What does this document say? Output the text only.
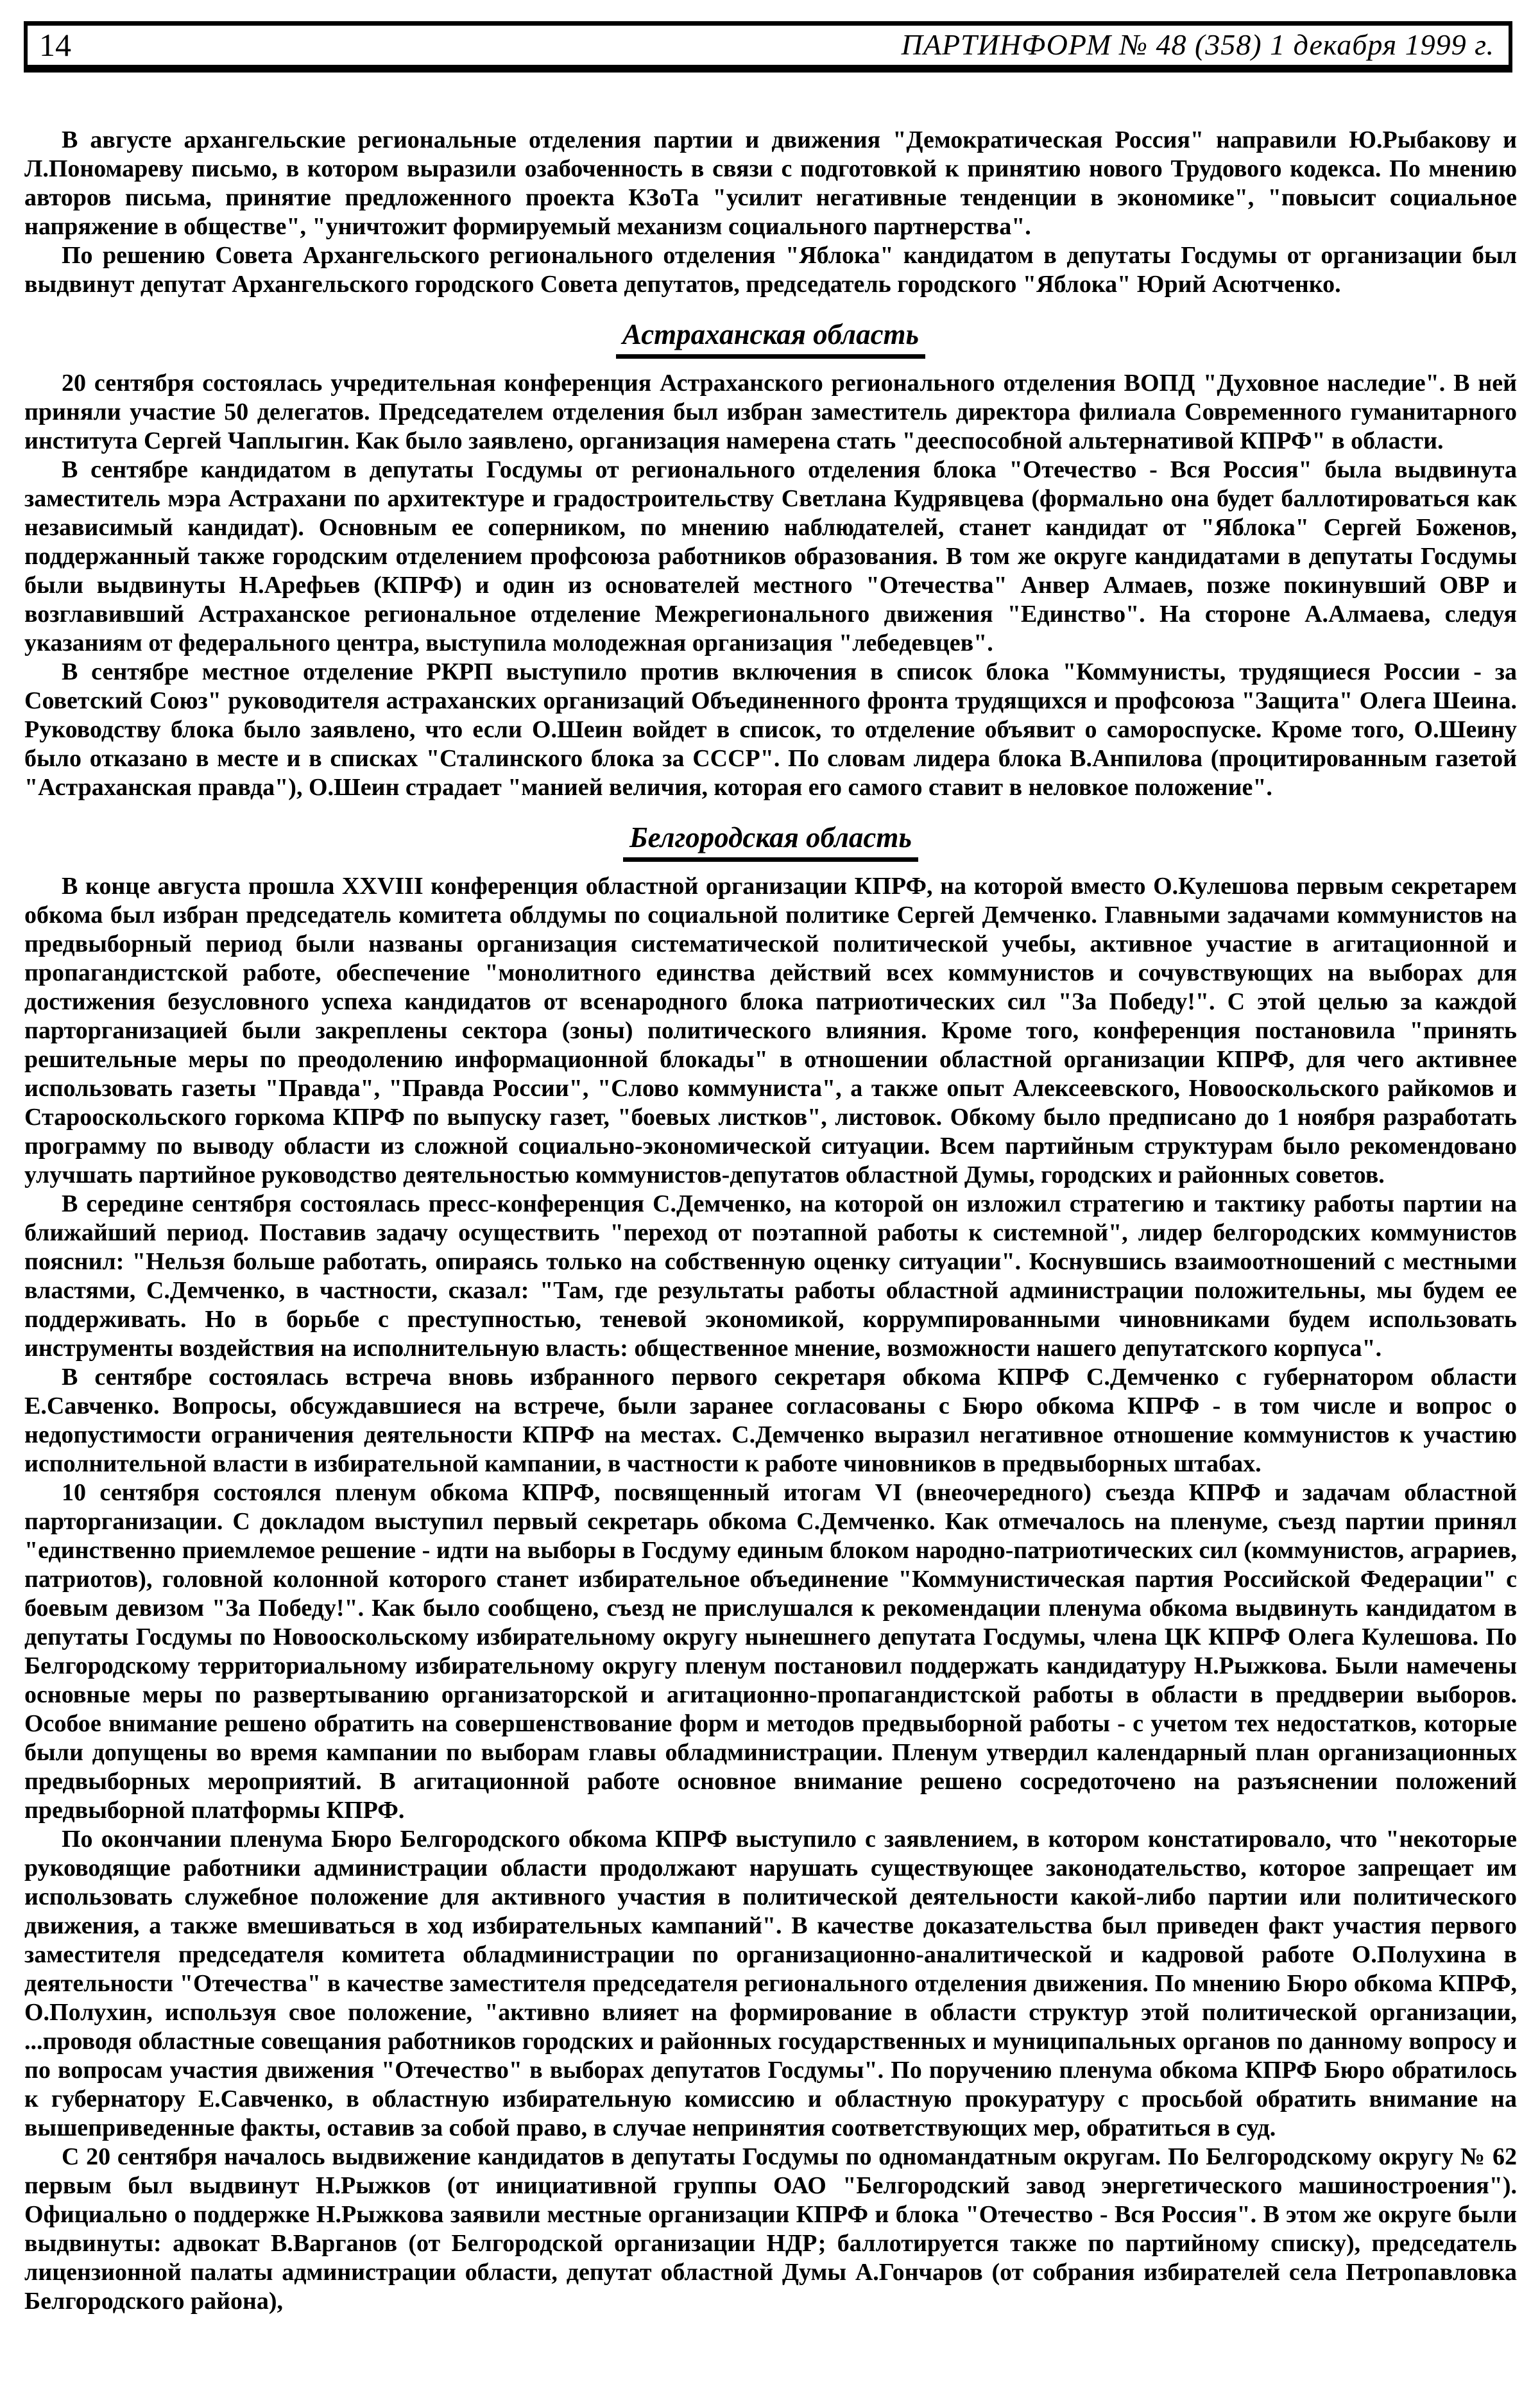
14	ПАРТИНФОРМ № 48 (358) 1 декабря 1999 г.

В августе архангельские региональные отделения партии и движения "Демократическая Россия" направили Ю.Рыбакову и Л.Пономареву письмо, в котором выразили озабоченность в связи с подготовкой к принятию нового Трудового кодекса. По мнению авторов письма, принятие предложенного проекта КЗоТа "усилит негативные тенденции в экономике", "повысит социальное напряжение в обществе", "уничтожит формируемый механизм социального партнерства".

По решению Совета Архангельского регионального отделения "Яблока" кандидатом в депутаты Госдумы от организации был выдвинут депутат Архангельского городского Совета депутатов, председатель городского "Яблока" Юрий Асютченко.

Астраханская область

20 сентября состоялась учредительная конференция Астраханского регионального отделения ВОПД "Духовное наследие". В ней приняли участие 50 делегатов. Председателем отделения был избран заместитель директора филиала Современного гуманитарного института Сергей Чаплыгин. Как было заявлено, организация намерена стать "дееспособной альтернативой КПРФ" в области.

В сентябре кандидатом в депутаты Госдумы от регионального отделения блока "Отечество - Вся Россия" была выдвинута заместитель мэра Астрахани по архитектуре и градостроительству Светлана Кудрявцева (формально она будет баллотироваться как независимый кандидат). Основным ее соперником, по мнению наблюдателей, станет кандидат от "Яблока" Сергей Боженов, поддержанный также городским отделением профсоюза работников образования. В том же округе кандидатами в депутаты Госдумы были выдвинуты Н.Арефьев (КПРФ) и один из основателей местного "Отечества" Анвер Алмаев, позже покинувший ОВР и возглавивший Астраханское региональное отделение Межрегионального движения "Единство". На стороне А.Алмаева, следуя указаниям от федерального центра, выступила молодежная организация "лебедевцев".

В сентябре местное отделение РКРП выступило против включения в список блока "Коммунисты, трудящиеся России - за Советский Союз" руководителя астраханских организаций Объединенного фронта трудящихся и профсоюза "Защита" Олега Шеина. Руководству блока было заявлено, что если О.Шеин войдет в список, то отделение объявит о самороспуске. Кроме того, О.Шеину было отказано в месте и в списках "Сталинского блока за СССР". По словам лидера блока В.Анпилова (процитированным газетой "Астраханская правда"), О.Шеин страдает "манией величия, которая его самого ставит в неловкое положение".

Белгородская область

В конце августа прошла XXVIII конференция областной организации КПРФ, на которой вместо О.Кулешова первым секретарем обкома был избран председатель комитета облдумы по социальной политике Сергей Демченко. Главными задачами коммунистов на предвыборный период были названы организация систематической политической учебы, активное участие в агитационной и пропагандистской работе, обеспечение "монолитного единства действий всех коммунистов и сочувствующих на выборах для достижения безусловного успеха кандидатов от всенародного блока патриотических сил "За Победу!". С этой целью за каждой парторганизацией были закреплены сектора (зоны) политического влияния. Кроме того, конференция постановила "принять решительные меры по преодолению информационной блокады" в отношении областной организации КПРФ, для чего активнее использовать газеты "Правда", "Правда России", "Слово коммуниста", а также опыт Алексеевского, Новооскольского райкомов и Старооскольского горкома КПРФ по выпуску газет, "боевых листков", листовок. Обкому было предписано до 1 ноября разработать программу по выводу области из сложной социально-экономической ситуации. Всем партийным структурам было рекомендовано улучшать партийное руководство деятельностью коммунистов-депутатов областной Думы, городских и районных советов.

В середине сентября состоялась пресс-конференция С.Демченко, на которой он изложил стратегию и тактику работы партии на ближайший период. Поставив задачу осуществить "переход от поэтапной работы к системной", лидер белгородских коммунистов пояснил: "Нельзя больше работать, опираясь только на собственную оценку ситуации". Коснувшись взаимоотношений с местными властями, С.Демченко, в частности, сказал: "Там, где результаты работы областной администрации положительны, мы будем ее поддерживать. Но в борьбе с преступностью, теневой экономикой, коррумпированными чиновниками будем использовать инструменты воздействия на исполнительную власть: общественное мнение, возможности нашего депутатского корпуса".

В сентябре состоялась встреча вновь избранного первого секретаря обкома КПРФ С.Демченко с губернатором области Е.Савченко. Вопросы, обсуждавшиеся на встрече, были заранее согласованы с Бюро обкома КПРФ - в том числе и вопрос о недопустимости ограничения деятельности КПРФ на местах. С.Демченко выразил негативное отношение коммунистов к участию исполнительной власти в избирательной кампании, в частности к работе чиновников в предвыборных штабах.

10 сентября состоялся пленум обкома КПРФ, посвященный итогам VI (внеочередного) съезда КПРФ и задачам областной парторганизации. С докладом выступил первый секретарь обкома С.Демченко. Как отмечалось на пленуме, съезд партии принял "единственно приемлемое решение - идти на выборы в Госдуму единым блоком народно-патриотических сил (коммунистов, аграриев, патриотов), головной колонной которого станет избирательное объединение "Коммунистическая партия Российской Федерации" с боевым девизом "За Победу!". Как было сообщено, съезд не прислушался к рекомендации пленума обкома выдвинуть кандидатом в депутаты Госдумы по Новооскольскому избирательному округу нынешнего депутата Госдумы, члена ЦК КПРФ Олега Кулешова. По Белгородскому территориальному избирательному округу пленум постановил поддержать кандидатуру Н.Рыжкова. Были намечены основные меры по развертыванию организаторской и агитационно-пропагандистской работы в области в преддверии выборов. Особое внимание решено обратить на совершенствование форм и методов предвыборной работы - с учетом тех недостатков, которые были допущены во время кампании по выборам главы обладминистрации. Пленум утвердил календарный план организационных предвыборных мероприятий. В агитационной работе основное внимание решено сосредоточено на разъяснении положений предвыборной платформы КПРФ.

По окончании пленума Бюро Белгородского обкома КПРФ выступило с заявлением, в котором констатировало, что "некоторые руководящие работники администрации области продолжают нарушать существующее законодательство, которое запрещает им использовать служебное положение для активного участия в политической деятельности какой-либо партии или политического движения, а также вмешиваться в ход избирательных кампаний". В качестве доказательства был приведен факт участия первого заместителя председателя комитета обладминистрации по организационно-аналитической и кадровой работе О.Полухина в деятельности "Отечества" в качестве заместителя председателя регионального отделения движения. По мнению Бюро обкома КПРФ, О.Полухин, используя свое положение, "активно влияет на формирование в области структур этой политической организации, ...проводя областные совещания работников городских и районных государственных и муниципальных органов по данному вопросу и по вопросам участия движения "Отечество" в выборах депутатов Госдумы". По поручению пленума обкома КПРФ Бюро обратилось к губернатору Е.Савченко, в областную избирательную комиссию и областную прокуратуру с просьбой обратить внимание на вышеприведенные факты, оставив за собой право, в случае непринятия соответствующих мер, обратиться в суд.

С 20 сентября началось выдвижение кандидатов в депутаты Госдумы по одномандатным округам. По Белгородскому округу № 62 первым был выдвинут Н.Рыжков (от инициативной группы ОАО "Белгородский завод энергетического машиностроения"). Официально о поддержке Н.Рыжкова заявили местные организации КПРФ и блока "Отечество - Вся Россия". В этом же округе были выдвинуты: адвокат В.Варганов (от Белгородской организации НДР; баллотируется также по партийному списку), председатель лицензионной палаты администрации области, депутат областной Думы А.Гончаров (от собрания избирателей села Петропавловка Белгородского района),
